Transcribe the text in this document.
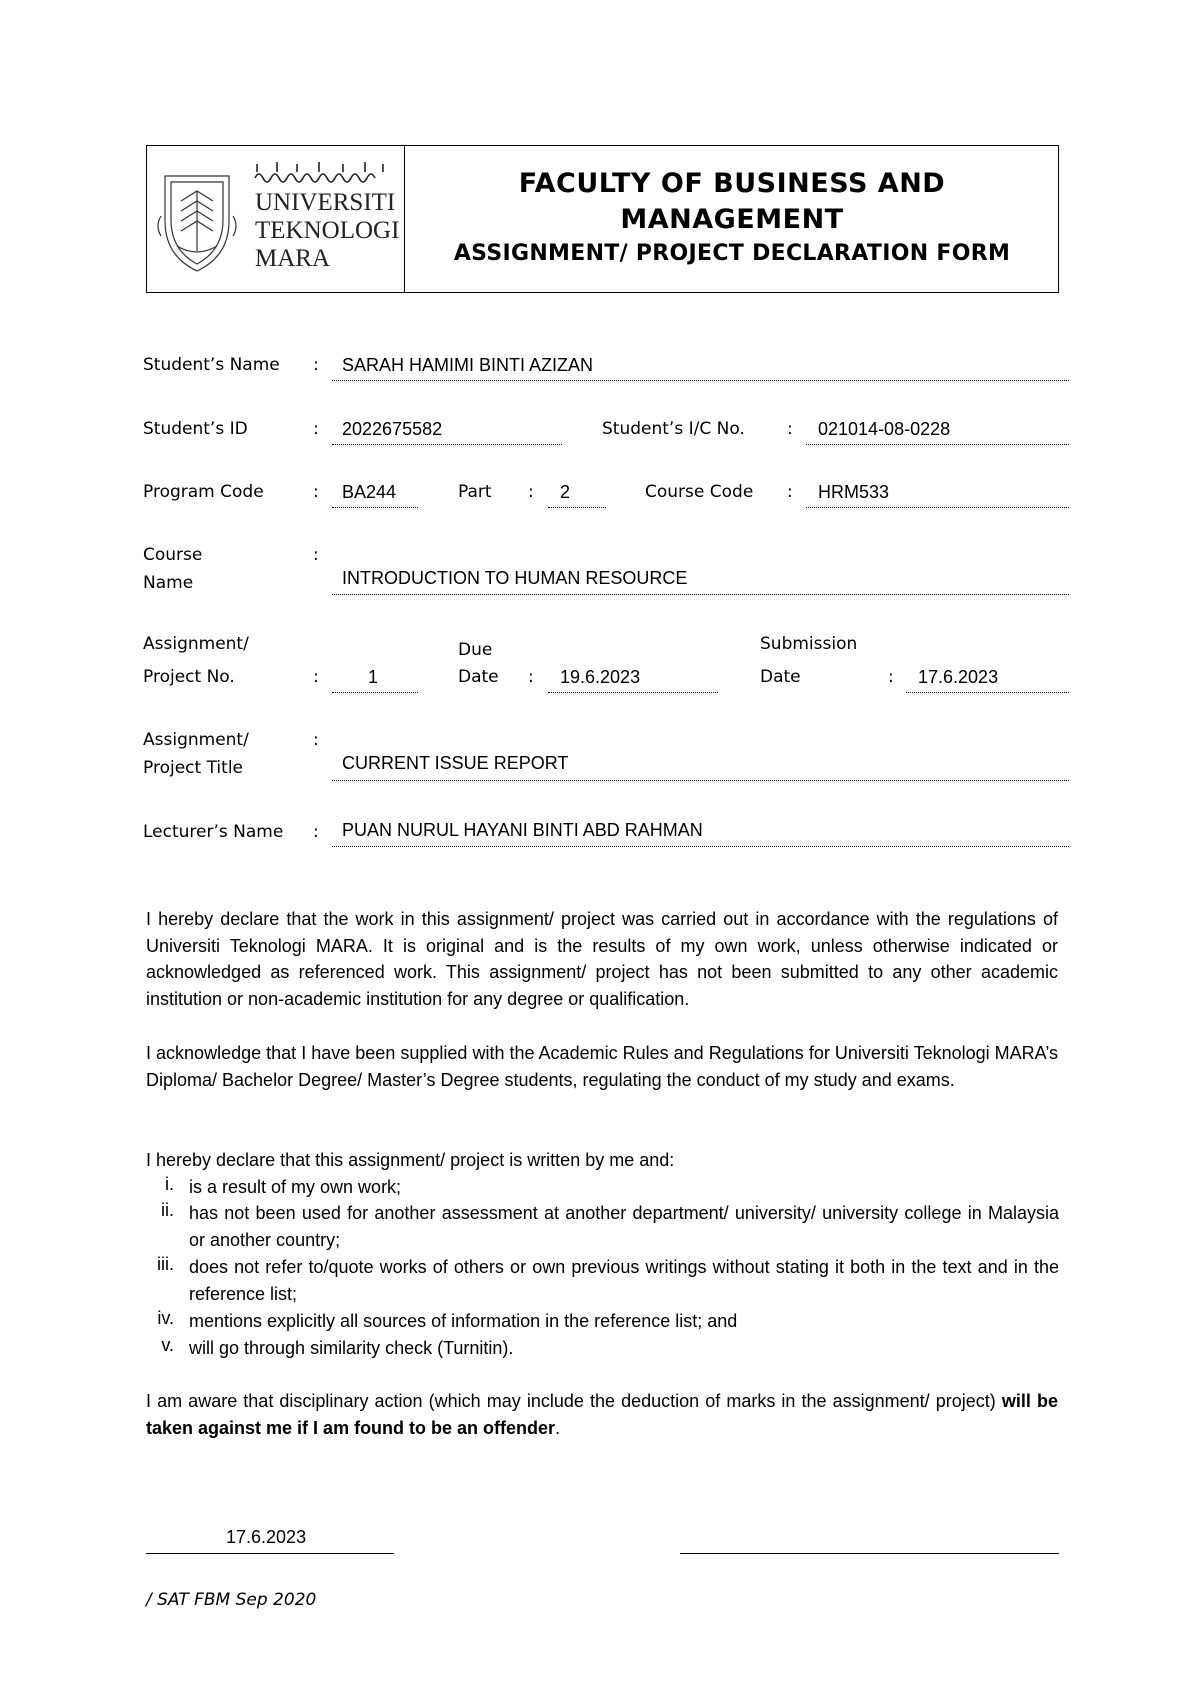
UNIVERSITI
TEKNOLOGI
MARA
FACULTY OF BUSINESS AND
MANAGEMENT
ASSIGNMENT/ PROJECT DECLARATION FORM
Student’s Name : SARAH HAMIMI BINTI AZIZAN
Student’s ID	: 2022675582	Student’s I/C No. : 021014-08-0228
Program Code	: BA244	Part : 2	Course Code : HRM533
Course
Name
:
INTRODUCTION TO HUMAN RESOURCE
Assignment/
Project No.	:	1
Due
Date : 19.6.2023
Submission
Date	: 17.6.2023
Assignment/
Project Title
:
CURRENT ISSUE REPORT
Lecturer’s Name : PUAN NURUL HAYANI BINTI ABD RAHMAN
I hereby declare that the work in this assignment/ project was carried out in accordance with the regulations of Universiti Teknologi MARA. It is original and is the results of my own work, unless otherwise indicated or acknowledged as referenced work. This assignment/ project has not been submitted to any other academic institution or non-academic institution for any degree or qualification.
I acknowledge that I have been supplied with the Academic Rules and Regulations for Universiti Teknologi MARA’s Diploma/ Bachelor Degree/ Master’s Degree students, regulating the conduct of my study and exams.
I hereby declare that this assignment/ project is written by me and:
i. is a result of my own work;
ii. has not been used for another assessment at another department/ university/ university college in Malaysia or another country;
iii. does not refer to/quote works of others or own previous writings without stating it both in the text and in the reference list;
iv. mentions explicitly all sources of information in the reference list; and
v. will go through similarity check (Turnitin).
I am aware that disciplinary action (which may include the deduction of marks in the assignment/ project) will be taken against me if I am found to be an offender.
17.6.2023
/ SAT FBM Sep 2020
